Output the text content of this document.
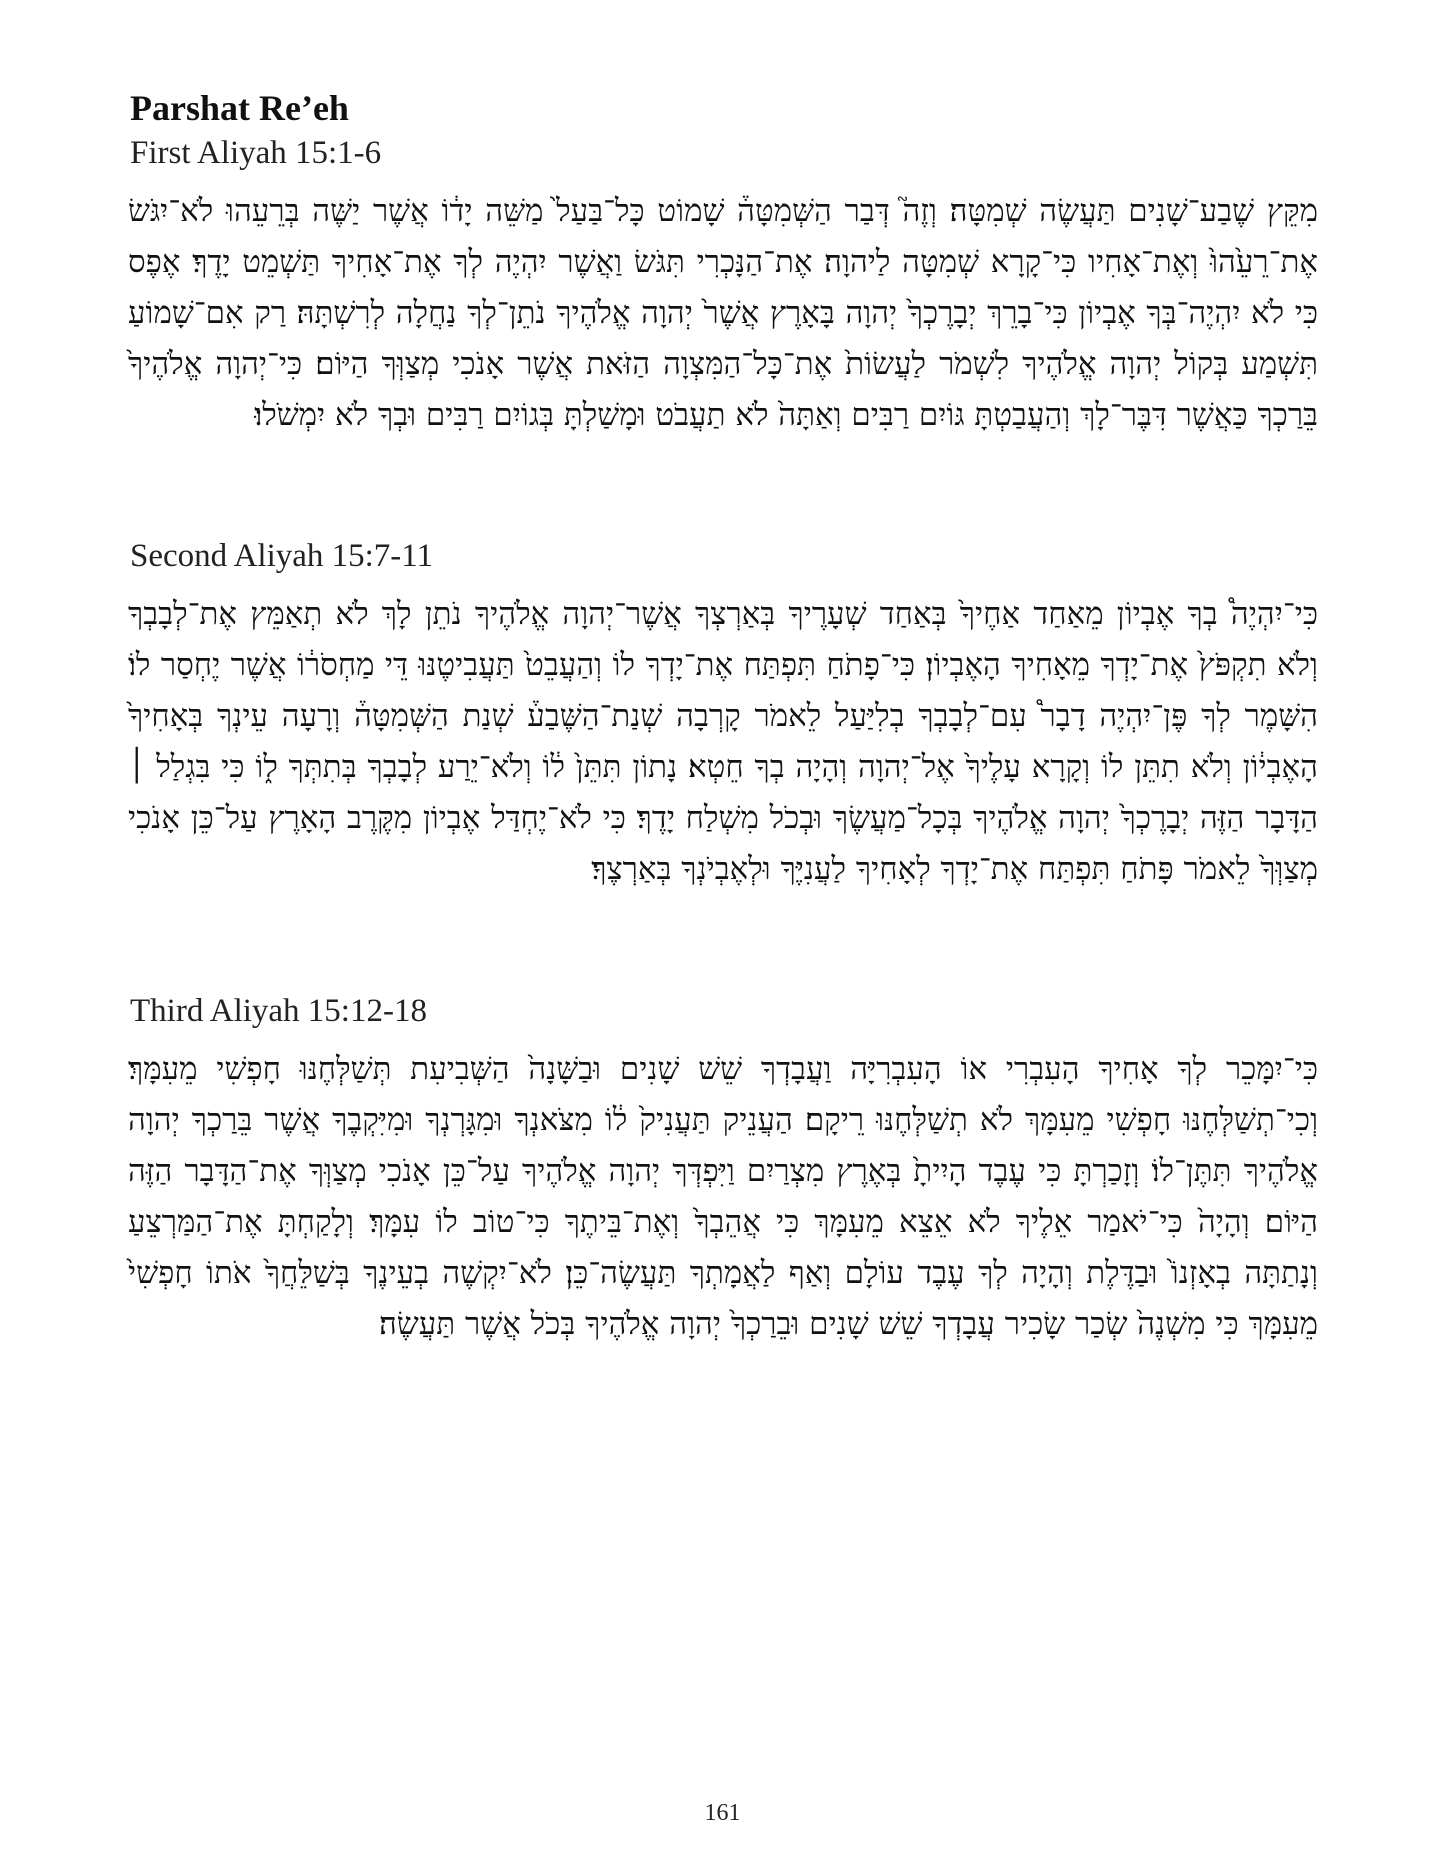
Parshat Re’eh
First Aliyah 15:1-6

מִקֵּץ שֶׁבַע־שָׁנִים תַּעֲשֶׂה שְׁמִטָּה׃ וְזֶה֮ דְּבַר הַשְּׁמִטָּה֒ שָׁמוֹט כָּל־בַּעַל֙ מַשֵּׁה יָד֔וֹ אֲשֶׁר יַשֶּׁה בְּרֵעֵהוּ לֹא־יִגֹּשׂ אֶת־רֵעֵ֙הוּ֙ וְאֶת־אָחִיו כִּי־קָרָא שְׁמִטָּה לַיהוָה׃ אֶת־הַנָּכְרִי תִּגֹּשׂ וַאֲשֶׁר יִהְיֶה לְךָ אֶת־אָחִיךָ תַּשְׁמֵט יָדֶךָ׃ אֶפֶס כִּי לֹא יִהְיֶה־בְּךָ אֶבְיוֹן כִּי־בָרֵךְ יְבָרֶכְךָ֙ יְהוָה בָּאָרֶץ אֲשֶׁר֙ יְהוָה אֱלֹהֶיךָ נֹתֵן־לְךָ נַחֲלָה לְרִשְׁתָּהּ׃ רַק אִם־שָׁמוֹעַ תִּשְׁמַע בְּקוֹל יְהוָה אֱלֹהֶיךָ לִשְׁמֹר לַעֲשׂוֹת֙ אֶת־כָּל־הַמִּצְוָה הַזֹּאת אֲשֶׁר אָנֹכִי מְצַוְּךָ הַיּוֹם׃ כִּי־יְהוָה אֱלֹהֶיךָ֙ בֵּרַכְךָ כַּאֲשֶׁר דִּבֶּר־לָךְ וְהַעֲבַטְתָּ גּוֹיִם רַבִּים וְאַתָּה֙ לֹא תַעֲבֹט וּמָשַׁלְתָּ בְּגוֹיִם רַבִּים וּבְךָ לֹא יִמְשֹׁלוּ׃

Second Aliyah 15:7-11

כִּי־יִהְיֶה֩ בְךָ אֶבְיוֹן מֵאַחַד אַחֶיךָ֙ בְּאַחַד שְׁעָרֶיךָ בְּאַרְצְךָ אֲשֶׁר־יְהוָה אֱלֹהֶיךָ נֹתֵן לָךְ לֹא תְאַמֵּץ אֶת־לְבָבְךָ וְלֹא תִקְפֹּץ֙ אֶת־יָדְךָ מֵאָחִיךָ הָאֶבְיוֹן׃ כִּי־פָתֹחַ תִּפְתַּח אֶת־יָדְךָ לוֹ וְהַעֲבֵט֙ תַּעֲבִיטֶנּוּ דֵּי מַחְסֹר֔וֹ אֲשֶׁר יֶחְסַר לוֹ׃ הִשָּׁמֶר לְךָ פֶּן־יִהְיֶה דָבָר֩ עִם־לְבָבְךָ בְלִיַּעַל לֵאמֹר קָרְבָה שְׁנַת־הַשֶּׁבַע֒ שְׁנַת הַשְּׁמִטָּה֒ וְרָעָה עֵינְךָ בְּאָחִיךָ֙ הָאֶבְי֔וֹן וְלֹא תִתֵּן לוֹ וְקָרָא עָלֶיךָ֙ אֶל־יְהוָה וְהָיָה בְךָ חֵטְא׃ נָתוֹן תִּתֵּן֙ ל֔וֹ וְלֹא־יֵרַע לְבָבְךָ בְּתִתְּךָ ל֑וֹ כִּי בִּגְלַל ׀ הַדָּבָר הַזֶּה יְבָרֶכְךָ֙ יְהוָה אֱלֹהֶיךָ בְּכָל־מַעֲשֶׂךָ וּבְכֹל מִשְׁלַח יָדֶךָ׃ כִּי לֹא־יֶחְדַּל אֶבְיוֹן מִקֶּרֶב הָאָרֶץ עַל־כֵּן אָנֹכִי מְצַוְּךָ֙ לֵאמֹר פָּתֹחַ תִּפְתַּח אֶת־יָדְךָ לְאָחִיךָ לַעֲנִיֶּךָ וּלְאֶבְיֹנְךָ בְּאַרְצֶךָ׃

Third Aliyah 15:12-18

כִּי־יִמָּכֵר לְךָ אָחִיךָ הָעִבְרִי אוֹ הָעִבְרִיָּה וַעֲבָדְךָ שֵׁשׁ שָׁנִים וּבַשָּׁנָה֙ הַשְּׁבִיעִת תְּשַׁלְּחֶנּוּ חָפְשִׁי מֵעִמָּךְ׃ וְכִי־תְשַׁלְּחֶנּוּ חָפְשִׁי מֵעִמָּךְ לֹא תְשַׁלְּחֶנּוּ רֵיקָם׃ הַעֲנֵיק תַּעֲנִיק֙ ל֔וֹ מִצֹּאנְךָ וּמִגָּרְנְךָ וּמִיִּקְבֶךָ אֲשֶׁר בֵּרַכְךָ יְהוָה אֱלֹהֶיךָ תִּתֶּן־לוֹ׃ וְזָכַרְתָּ כִּי עֶבֶד הָיִיתָ֙ בְּאֶרֶץ מִצְרַיִם וַיִּפְדְּךָ יְהוָה אֱלֹהֶיךָ עַל־כֵּן אָנֹכִי מְצַוְּךָ אֶת־הַדָּבָר הַזֶּה הַיּוֹם׃ וְהָיָה֙ כִּי־יֹאמַר אֵלֶיךָ לֹא אֵצֵא מֵעִמָּךְ כִּי אֲהֵבְךָ֙ וְאֶת־בֵּיתֶךָ כִּי־טוֹב לוֹ עִמָּךְ׃ וְלָקַחְתָּ אֶת־הַמַּרְצֵעַ וְנָתַתָּה בְאָזְנוֹ֙ וּבַדֶּלֶת וְהָיָה לְךָ עֶבֶד עוֹלָם וְאַף לַאֲמָתְךָ תַּעֲשֶׂה־כֵּן׃ לֹא־יִקְשֶׁה בְעֵינֶךָ בְּשַׁלֵּחֲךָ֙ אֹתוֹ חָפְשִׁי֙ מֵעִמָּךְ כִּי מִשְׁנֶה֙ שְׂכַר שָׂכִיר עֲבָדְךָ שֵׁשׁ שָׁנִים וּבֵרַכְךָ֙ יְהוָה אֱלֹהֶיךָ בְּכֹל אֲשֶׁר תַּעֲשֶׂה׃

161
